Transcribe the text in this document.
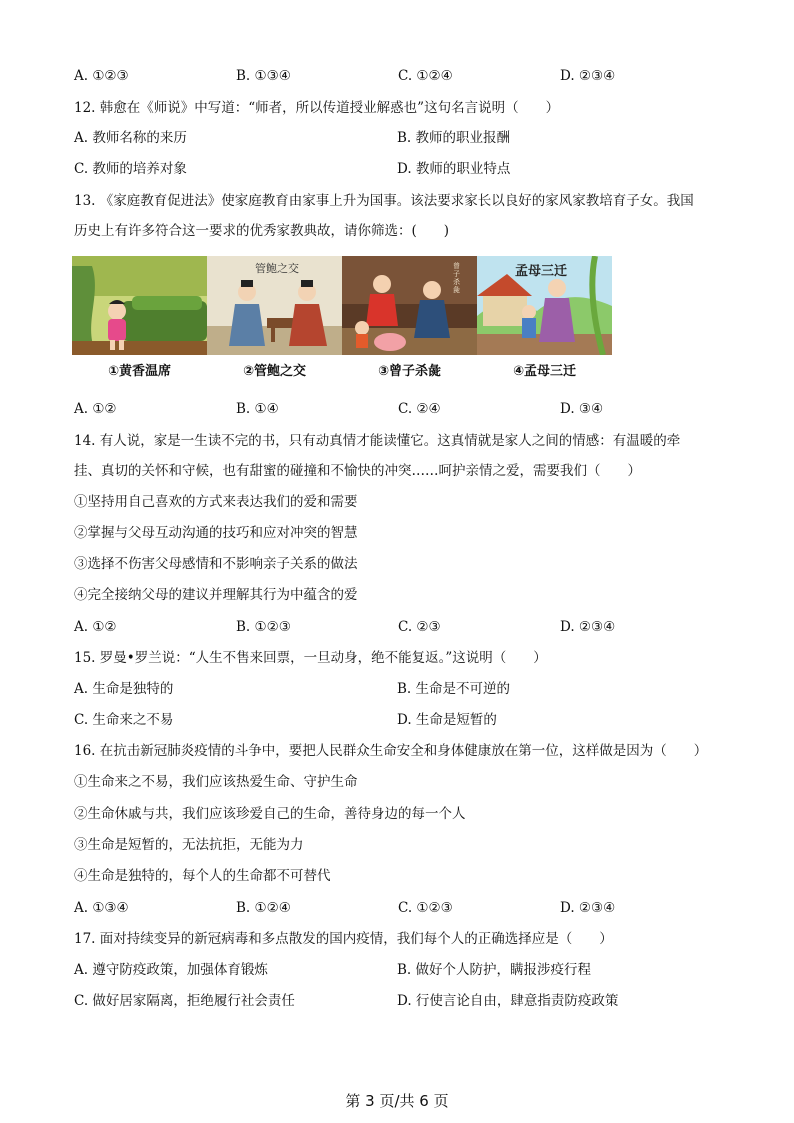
A. ①②③	B. ①③④	C. ①②④	D. ②③④
12. 韩愈在《师说》中写道：“师者，所以传道授业解惑也”这句名言说明（　　）
A. 教师名称的来历	B. 教师的职业报酬
C. 教师的培养对象	D. 教师的职业特点
13. 《家庭教育促进法》使家庭教育由家事上升为国事。该法要求家长以良好的家风家教培育子女。我国
历史上有许多符合这一要求的优秀家教典故，请你筛选：(　　)
管鲍之交	曾子杀彘
孟母三迁
①黄香温席	②管鲍之交	③曾子杀彘	④孟母三迁
A. ①②	B. ①④	C. ②④	D. ③④
14. 有人说，家是一生读不完的书，只有动真情才能读懂它。这真情就是家人之间的情感：有温暖的牵
挂、真切的关怀和守候，也有甜蜜的碰撞和不愉快的冲突……呵护亲情之爱，需要我们（　　）
①坚持用自己喜欢的方式来表达我们的爱和需要
②掌握与父母互动沟通的技巧和应对冲突的智慧
③选择不伤害父母感情和不影响亲子关系的做法
④完全接纳父母的建议并理解其行为中蕴含的爱
A. ①②	B. ①②③	C. ②③	D. ②③④
15. 罗曼•罗兰说：“人生不售来回票，一旦动身，绝不能复返。”这说明（　　）
A. 生命是独特的	B. 生命是不可逆的
C. 生命来之不易	D. 生命是短暂的
16. 在抗击新冠肺炎疫情的斗争中，要把人民群众生命安全和身体健康放在第一位，这样做是因为（　　）
①生命来之不易，我们应该热爱生命、守护生命
②生命休戚与共，我们应该珍爱自己的生命，善待身边的每一个人
③生命是短暂的，无法抗拒，无能为力
④生命是独特的，每个人的生命都不可替代
A. ①③④	B. ①②④	C. ①②③	D. ②③④
17. 面对持续变异的新冠病毒和多点散发的国内疫情，我们每个人的正确选择应是（　　）
A. 遵守防疫政策，加强体育锻炼	B. 做好个人防护，瞒报涉疫行程
C. 做好居家隔离，拒绝履行社会责任	D. 行使言论自由，肆意指责防疫政策
第 3 页/共 6 页
